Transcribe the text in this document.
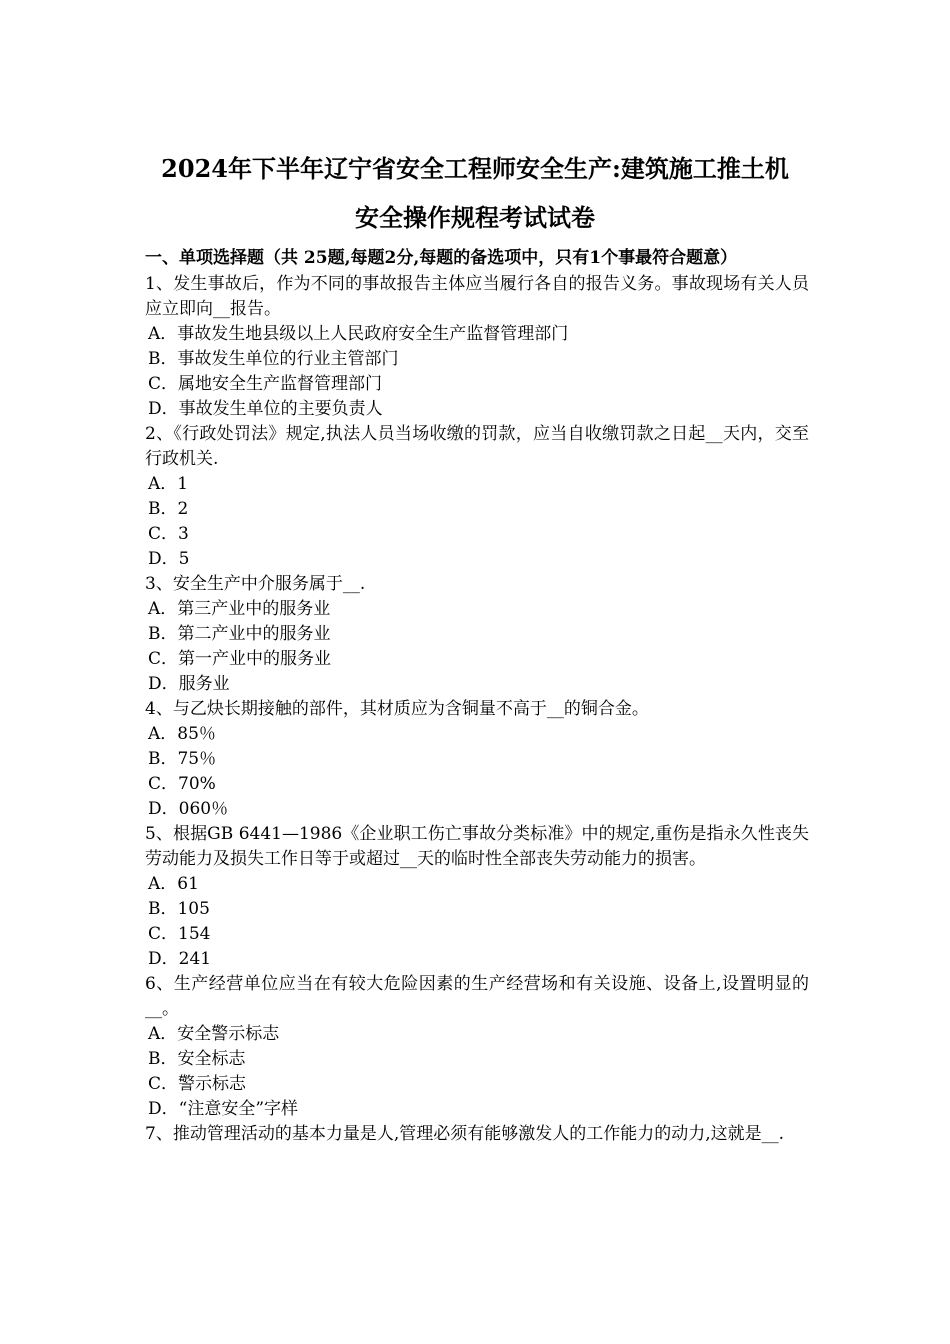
2024年下半年辽宁省安全工程师安全生产:建筑施工推土机
安全操作规程考试试卷
一、单项选择题（共 25题,每题2分,每题的备选项中，只有1个事最符合题意）
1、发生事故后，作为不同的事故报告主体应当履行各自的报告义务。事故现场有关人员应立即向__报告。
A．事故发生地县级以上人民政府安全生产监督管理部门
B．事故发生单位的行业主管部门
C．属地安全生产监督管理部门
D．事故发生单位的主要负责人
2、《行政处罚法》规定,执法人员当场收缴的罚款，应当自收缴罚款之日起__天内，交至行政机关.
A．1
B．2
C．3
D．5
3、安全生产中介服务属于__.
A．第三产业中的服务业
B．第二产业中的服务业
C．第一产业中的服务业
D．服务业
4、与乙炔长期接触的部件，其材质应为含铜量不高于__的铜合金。
A．85％
B．75％
C．70%
D．060％
5、根据GB 6441—1986《企业职工伤亡事故分类标准》中的规定,重伤是指永久性丧失劳动能力及损失工作日等于或超过__天的临时性全部丧失劳动能力的损害。
A．61
B．105
C．154
D．241
6、生产经营单位应当在有较大危险因素的生产经营场和有关设施、设备上,设置明显的__。
A．安全警示标志
B．安全标志
C．警示标志
D．“注意安全”字样
7、推动管理活动的基本力量是人,管理必须有能够激发人的工作能力的动力,这就是__.
